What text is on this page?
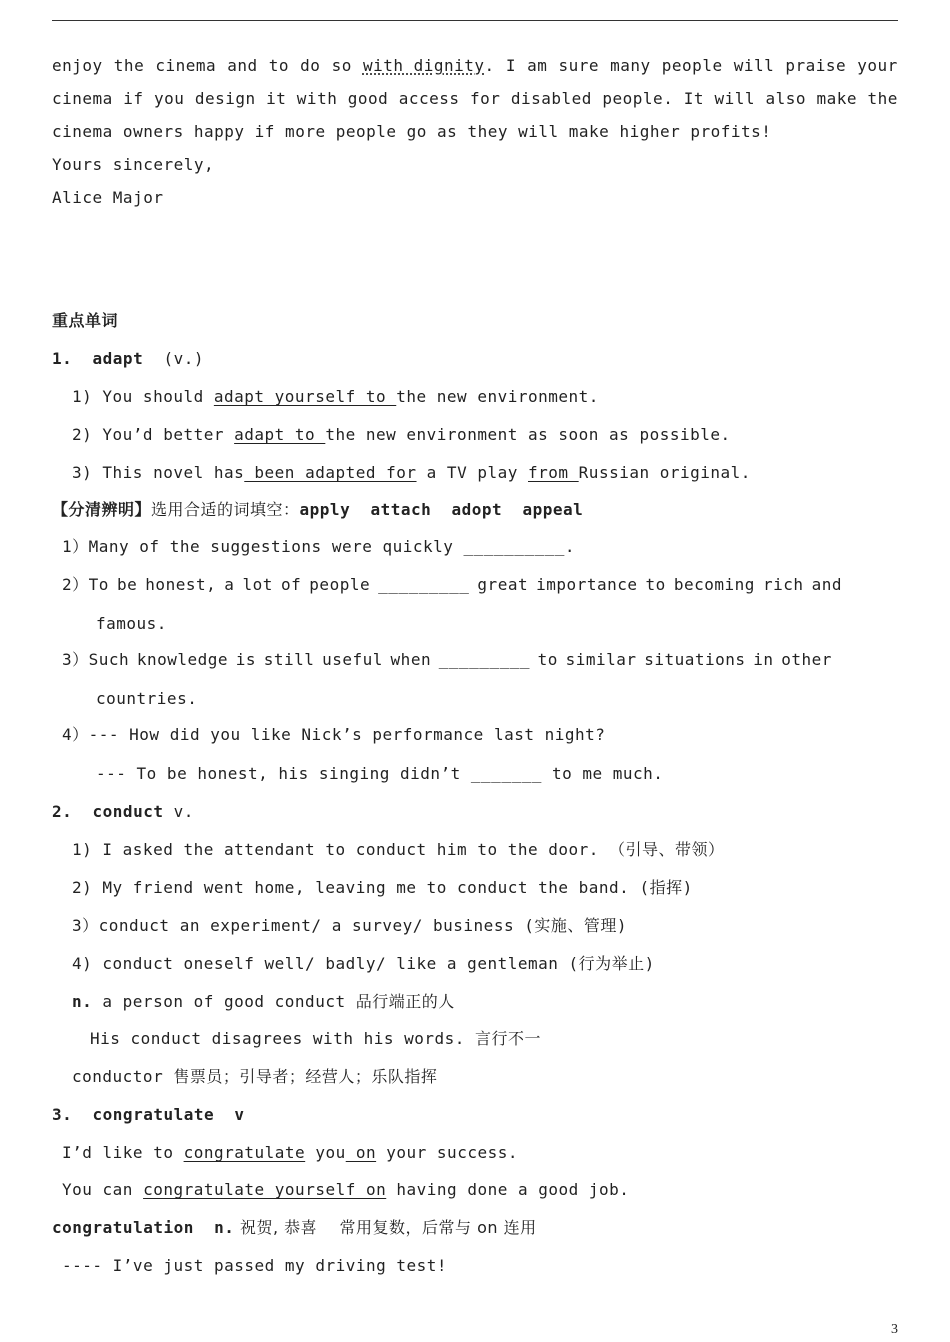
enjoy the cinema and to do so with dignity. I am sure many people will praise your
cinema if you design it with good access for disabled people. It will also make the
cinema owners happy if more people go as they will make higher profits!
Yours sincerely,
Alice Major
重点单词
1.  adapt  (v.)
1) You should adapt yourself to the new environment.
2) You’d better adapt to the new environment as soon as possible.
3) This novel has been adapted for a TV play from Russian original.
【分清辨明】选用合适的词填空：apply  attach  adopt  appeal
1）Many of the suggestions were quickly __________.
2）To be honest, a lot of people _________ great importance to becoming rich and
famous.
3）Such knowledge is still useful when _________ to similar situations in other
countries.
4）--- How did you like Nick’s performance last night?
--- To be honest, his singing didn’t _______ to me much.
2.  conduct v.
1) I asked the attendant to conduct him to the door. （引导、带领）
2) My friend went home, leaving me to conduct the band. (指挥)
3）conduct an experiment/ a survey/ business (实施、管理)
4) conduct oneself well/ badly/ like a gentleman (行为举止)
n. a person of good conduct 品行端正的人
His conduct disagrees with his words. 言行不一
conductor 售票员；引导者；经营人；乐队指挥
3.  congratulate  v
I’d like to congratulate you on your success.
You can congratulate yourself on having done a good job.
congratulation  n. 祝贺, 恭喜    常用复数，后常与 on 连用
---- I’ve just passed my driving test!
3
